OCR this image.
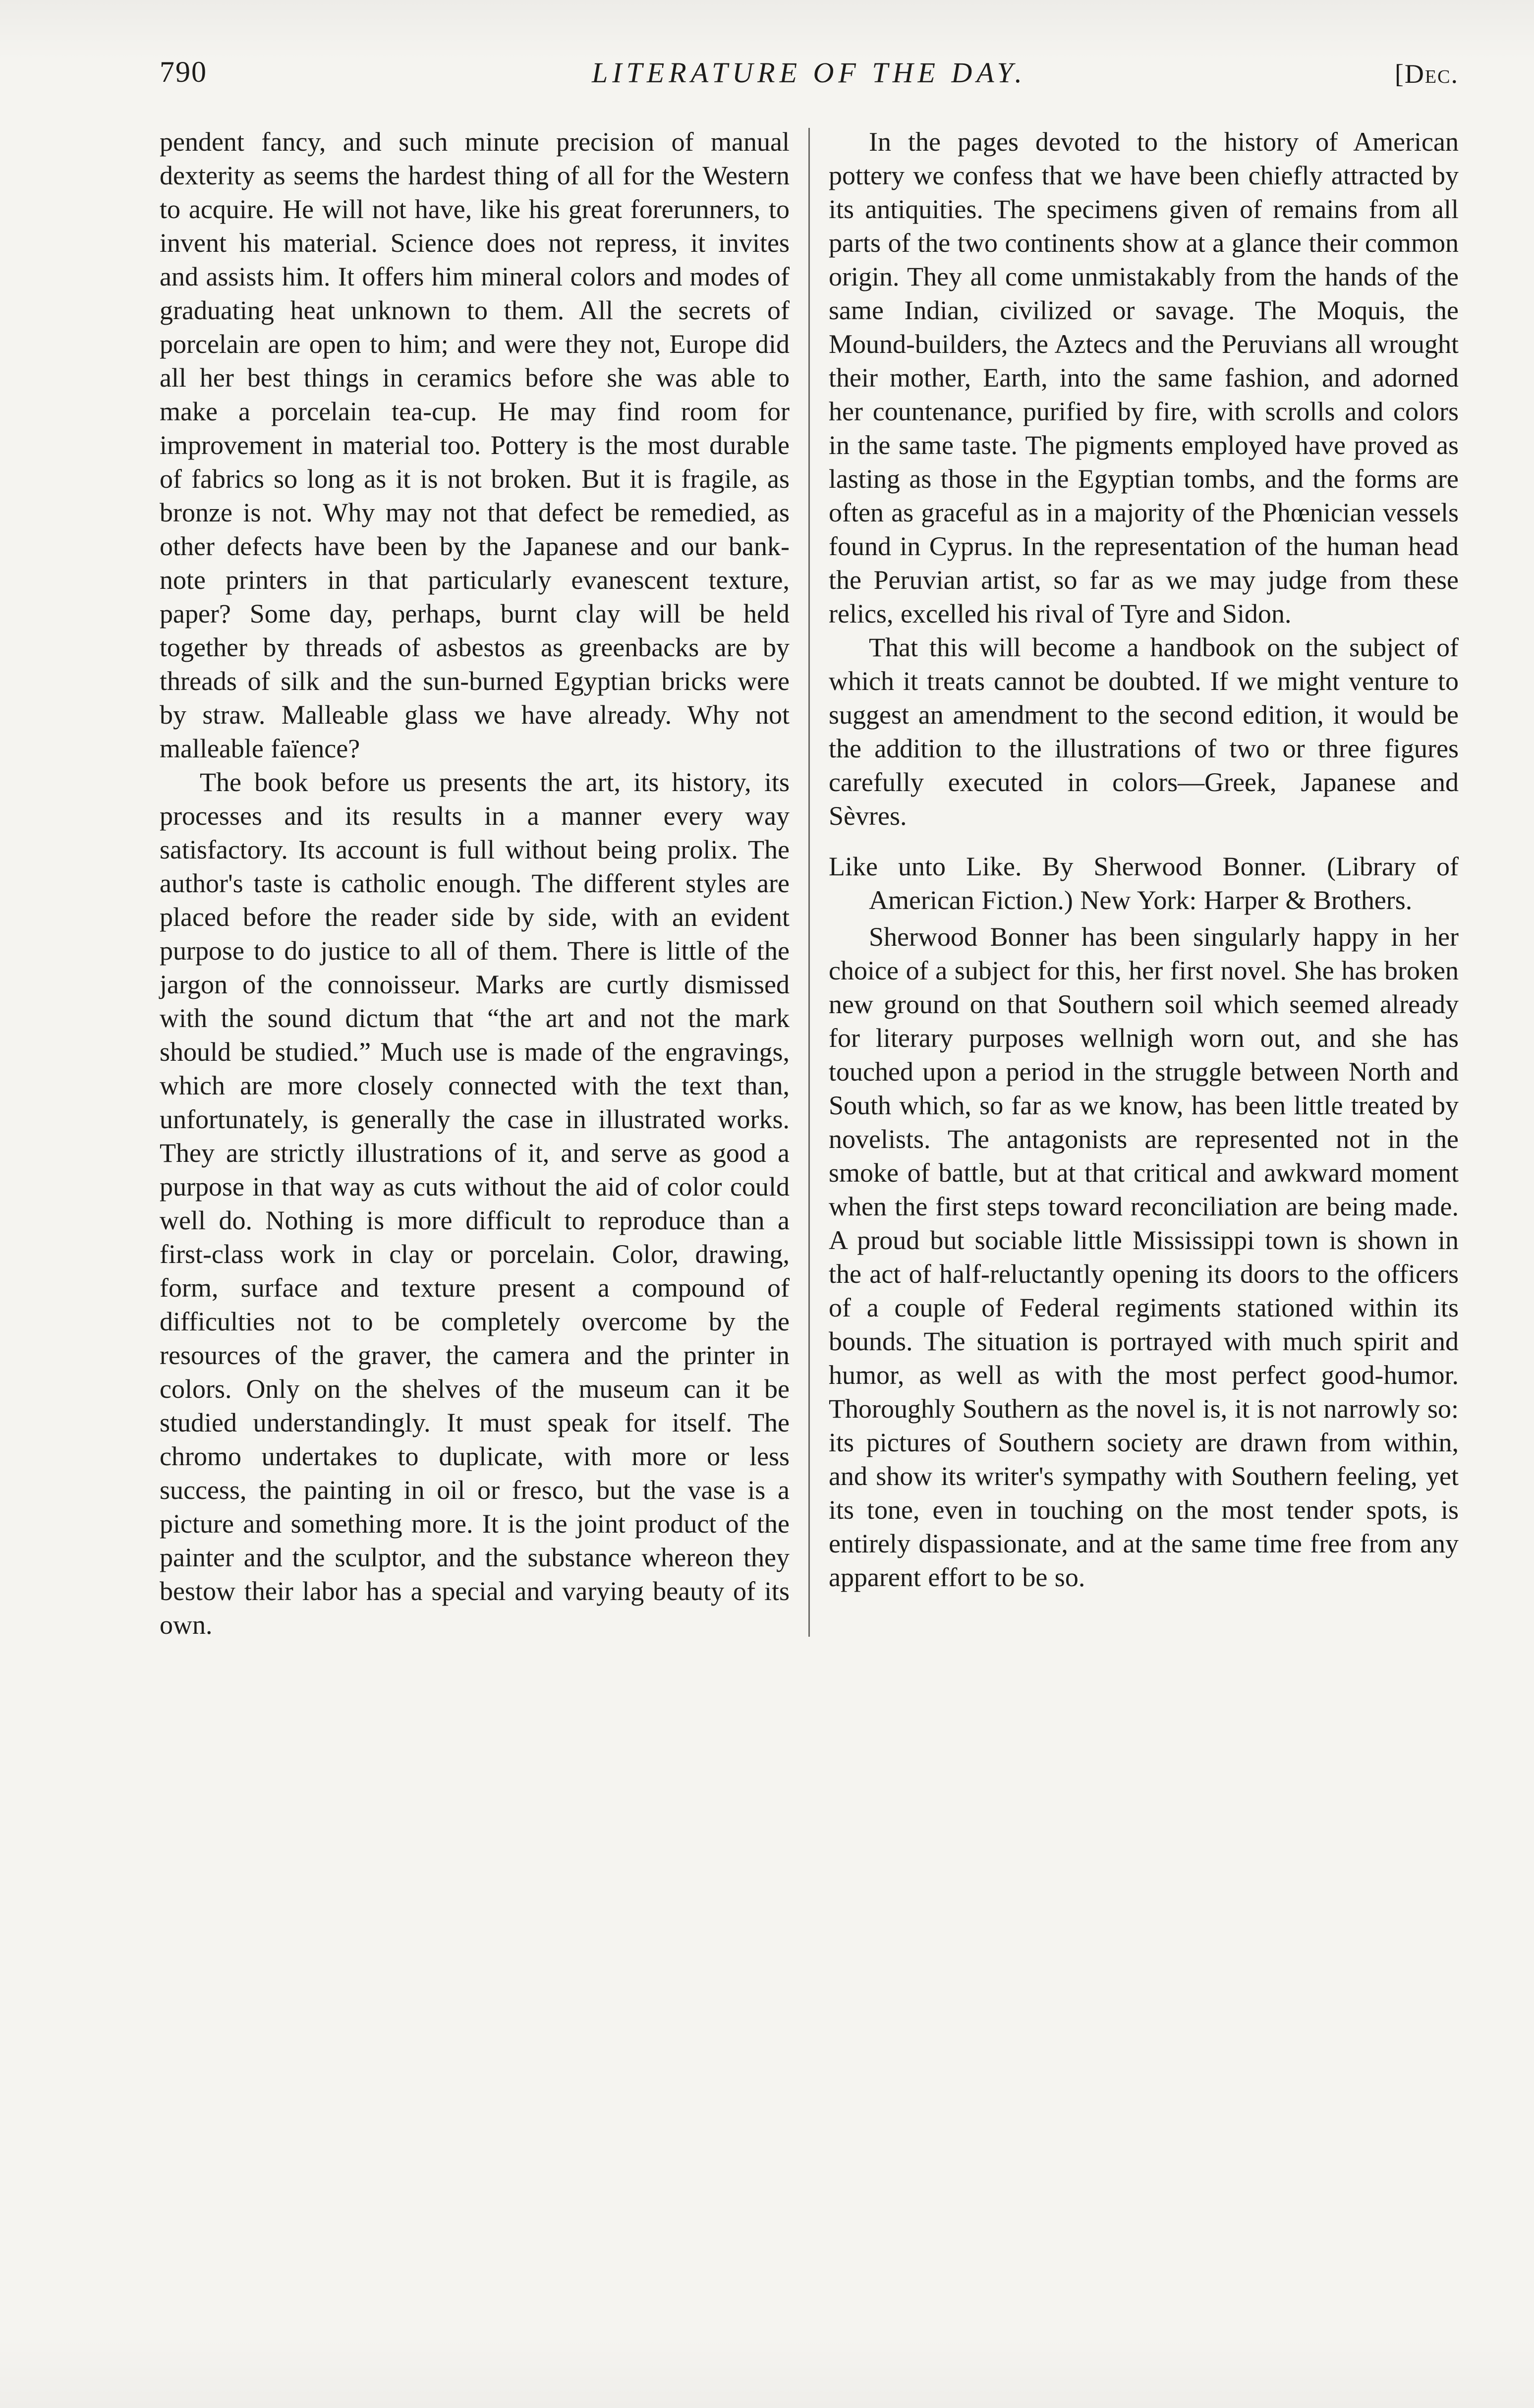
790	LITERATURE OF THE DAY.	[Dec.

pendent fancy, and such minute precision of manual dexterity as seems the hardest thing of all for the Western to acquire. He will not have, like his great forerunners, to invent his material. Science does not repress, it invites and assists him. It offers him mineral colors and modes of graduating heat unknown to them. All the secrets of porcelain are open to him; and were they not, Europe did all her best things in ceramics before she was able to make a porcelain tea-cup. He may find room for improvement in material too. Pottery is the most durable of fabrics so long as it is not broken. But it is fragile, as bronze is not. Why may not that defect be remedied, as other defects have been by the Japanese and our bank-note printers in that particularly evanescent texture, paper? Some day, perhaps, burnt clay will be held together by threads of asbestos as greenbacks are by threads of silk and the sun-burned Egyptian bricks were by straw. Malleable glass we have already. Why not malleable faïence?

The book before us presents the art, its history, its processes and its results in a manner every way satisfactory. Its account is full without being prolix. The author's taste is catholic enough. The different styles are placed before the reader side by side, with an evident purpose to do justice to all of them. There is little of the jargon of the connoisseur. Marks are curtly dismissed with the sound dictum that “the art and not the mark should be studied.” Much use is made of the engravings, which are more closely connected with the text than, unfortunately, is generally the case in illustrated works. They are strictly illustrations of it, and serve as good a purpose in that way as cuts without the aid of color could well do. Nothing is more difficult to reproduce than a first-class work in clay or porcelain. Color, drawing, form, surface and texture present a compound of difficulties not to be completely overcome by the resources of the graver, the camera and the printer in colors. Only on the shelves of the museum can it be studied understandingly. It must speak for itself. The chromo undertakes to duplicate, with more or less success, the painting in oil or fresco, but the vase is a picture and something more. It is the joint product of the painter and the sculptor, and the substance whereon they bestow their labor has a special and varying beauty of its own.

In the pages devoted to the history of American pottery we confess that we have been chiefly attracted by its antiquities. The specimens given of remains from all parts of the two continents show at a glance their common origin. They all come unmistakably from the hands of the same Indian, civilized or savage. The Moquis, the Mound-builders, the Aztecs and the Peruvians all wrought their mother, Earth, into the same fashion, and adorned her countenance, purified by fire, with scrolls and colors in the same taste. The pigments employed have proved as lasting as those in the Egyptian tombs, and the forms are often as graceful as in a majority of the Phœnician vessels found in Cyprus. In the representation of the human head the Peruvian artist, so far as we may judge from these relics, excelled his rival of Tyre and Sidon.

That this will become a handbook on the subject of which it treats cannot be doubted. If we might venture to suggest an amendment to the second edition, it would be the addition to the illustrations of two or three figures carefully executed in colors—Greek, Japanese and Sèvres.

Like unto Like. By Sherwood Bonner. (Library of American Fiction.) New York: Harper & Brothers.

Sherwood Bonner has been singularly happy in her choice of a subject for this, her first novel. She has broken new ground on that Southern soil which seemed already for literary purposes wellnigh worn out, and she has touched upon a period in the struggle between North and South which, so far as we know, has been little treated by novelists. The antagonists are represented not in the smoke of battle, but at that critical and awkward moment when the first steps toward reconciliation are being made. A proud but sociable little Mississippi town is shown in the act of half-reluctantly opening its doors to the officers of a couple of Federal regiments stationed within its bounds. The situation is portrayed with much spirit and humor, as well as with the most perfect good-humor. Thoroughly Southern as the novel is, it is not narrowly so: its pictures of Southern society are drawn from within, and show its writer's sympathy with Southern feeling, yet its tone, even in touching on the most tender spots, is entirely dispassionate, and at the same time free from any apparent effort to be so.
